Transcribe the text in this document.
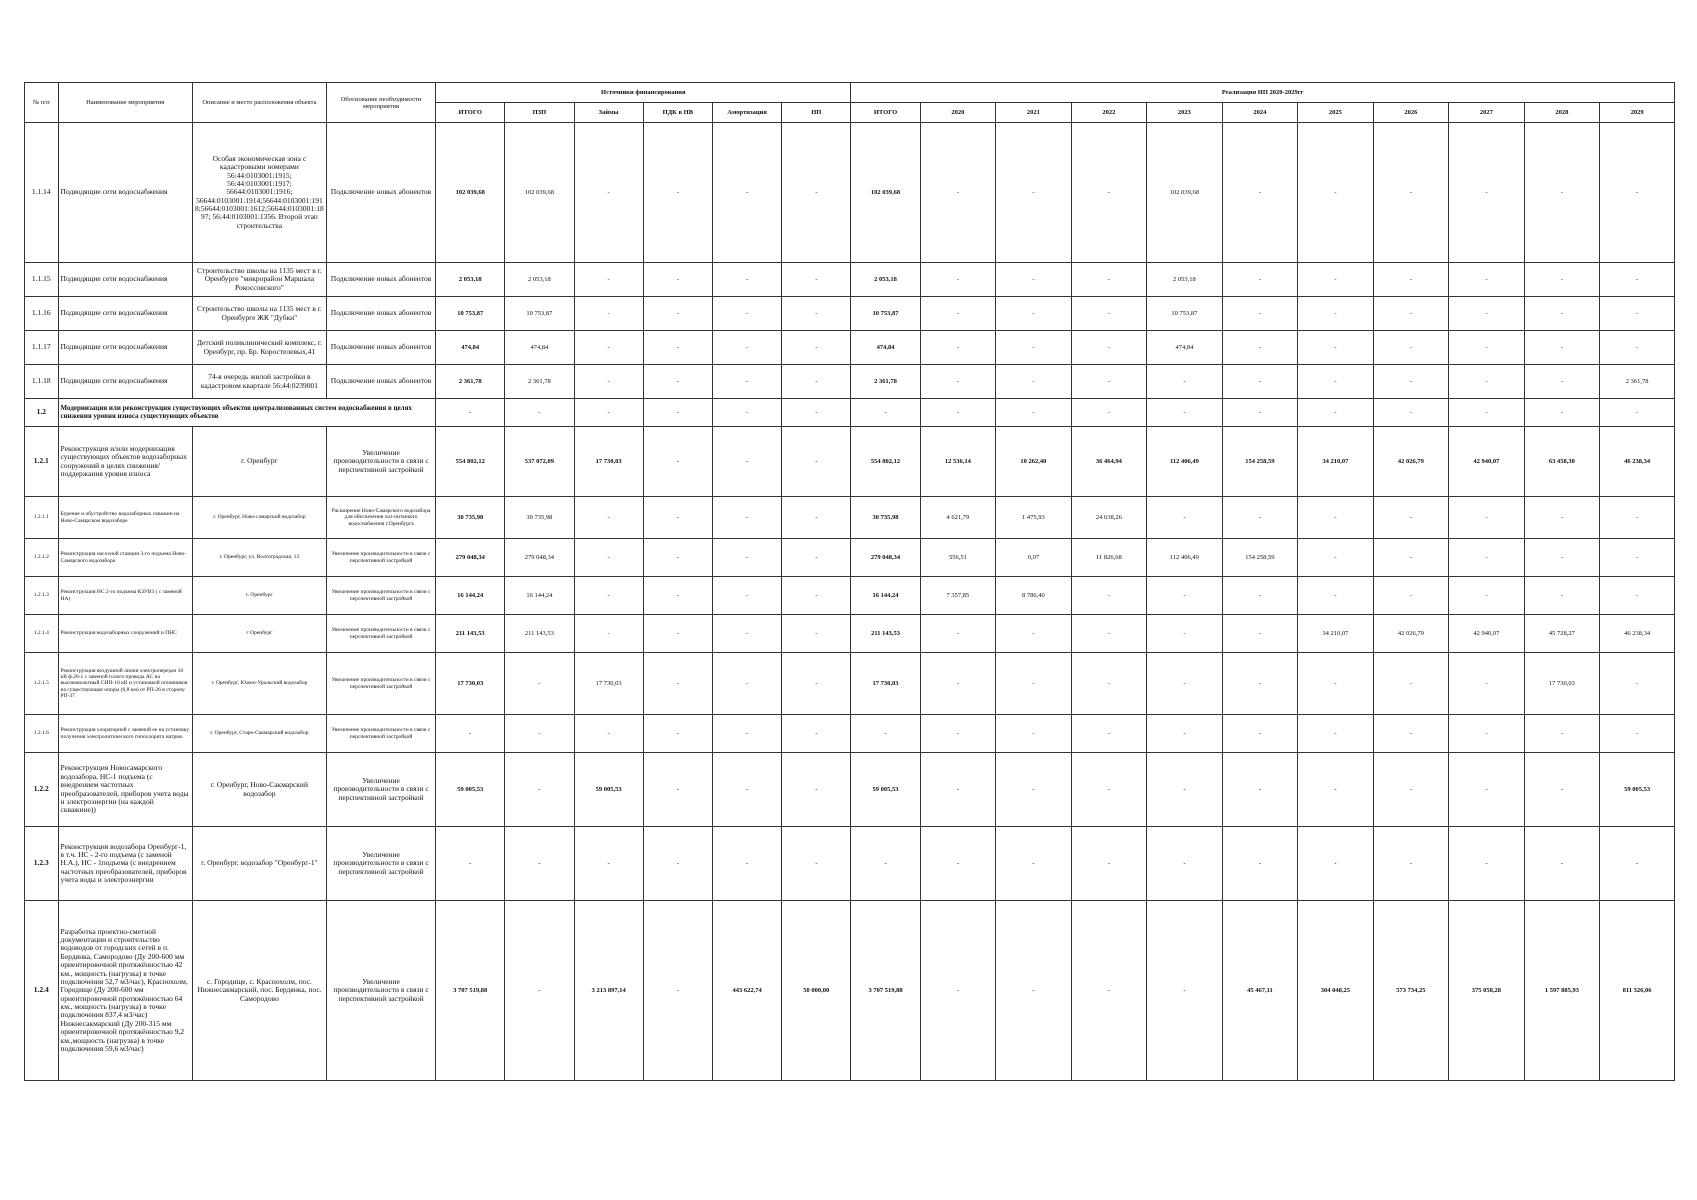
№ п/п	Наименование мероприятия	Описание и место расположения объекта	Обоснование необходимости мероприятия	Источники финансирования						Реализация ИП 2020-2029гг										
				ИТОГО	ПЗП	Займы	ПДК в НВ	Амортизация	НП	ИТОГО	2020	2021	2022	2023	2024	2025	2026	2027	2028	2029
1.1.14	Подводящие сети водоснабжения	Особая экономическая зона с кадастровыми номерами 56:44:0103001:1915; 56:44:0103001:1917; 56644:0103001:1916; 56644:0103001:1914;56644:0103001:1918;56644:0103001:1612;56644:0103001:1897; 56:44:0103001:1356. Второй этап строительства	Подключение новых абонентов	102 039,68	102 039,68	-	-	-	-	102 039,68	-	-	-	102 039,68	-	-	-	-	-	-
1.1.15	Подводящие сети водоснабжения	Строительство школы на 1135 мест в г. Оренбурге "микрорайон Маршала Рокоссовского"	Подключение новых абонентов	2 053,18	2 053,18	-	-	-	-	2 053,18	-	-	-	2 053,18	-	-	-	-	-	-
1.1.16	Подводящие сети водоснабжения	Строительство школы на 1135 мест в г. Оренбурге ЖК "Дубки"	Подключение новых абонентов	10 753,87	10 753,87	-	-	-	-	10 753,87	-	-	-	10 753,87	-	-	-	-	-	-
1.1.17	Подводящие сети водоснабжения	Детский поликлинический комплекс, г. Оренбург, пр. Бр. Коростелевых,41	Подключение новых абонентов	474,84	474,84	-	-	-	-	474,84	-	-	-	474,84	-	-	-	-	-	-
1.1.18	Подводящие сети водоснабжения	74-я очередь жилой застройки в кадастровом квартале 56:44:0239001	Подключение новых абонентов	2 361,78	2 361,78	-	-	-	-	2 361,78	-	-	-	-	-	-	-	-	-	2 361,78
1.2	Модернизация или реконструкция существующих объектов централизованных систем водоснабжения в целях снижения уровня износа существующих объектов			-	-	-	-	-	-	-	-	-	-	-	-	-	-	-	-	-
1.2.1	Реконструкция и/или модернизация существующих объектов водозаборных сооружений в целях снижения/поддержания уровня износа	г. Оренбург	Увеличение производительности в связи с перспективной застройкой	554 802,12	537 072,09	17 730,03	-	-	-	554 802,12	12 536,14	10 262,40	36 464,94	112 406,49	154 258,59	34 210,07	42 026,79	42 940,07	63 458,30	46 238,34
1.2.1.1	Бурение и обустройство водозаборных скважин на Ново-Самарском водозаборе	г. Оренбург, Ново-самарский водозабор	Расширение Ново-Самарского водозабора для обеспечения хоз-питьевого водоснабжения г.Оренбурга	30 735,98	30 735,98	-	-	-	-	30 735,98	4 621,79	1 475,93	24 638,26	-	-	-	-	-	-	-
1.2.1.2	Реконструкция насосной станции 3-го подъема Ново-Самарского водозабора	г. Оренбург, ул. Волгоградская, 13	Увеличение производительности в связи с перспективной застройкой	279 048,34	279 048,34	-	-	-	-	279 048,34	556,51	0,07	11 826,68	112 406,49	154 258,59	-	-	-	-	-
1.2.1.3	Реконструкция НС 2-го подъема КЗУВ3 ( с заменой НА)	г. Оренбург	Увеличение производительности в связи с перспективной застройкой	16 144,24	16 144,24	-	-	-	-	16 144,24	7 357,85	8 786,40	-	-	-	-	-	-	-	-
1.2.1.4	Реконструкция водозаборных сооружений и ПНС	г Оренбург	Увеличение производительности в связи с перспективной застройкой	211 143,53	211 143,53	-	-	-	-	211 143,53	-	-	-	-	-	34 210,07	42 026,79	42 940,07	45 728,27	46 238,34
1.2.1.5	Реконструкция воздушной линии электропередач 10 кВ ф.26-1 с заменой голого провода АС на высоковольтный СИП-10 кВ и установкой огловников на существующие опоры (6,8 км) от РП-26 в сторону РП-37	г. Оренбург, Южно-Уральский водозабор	Увеличение производительности в связи с перспективной застройкой	17 730,03	-	17 730,03	-	-	-	17 730,03	-	-	-	-	-	-	-	-	17 730,03	-
1.2.1.6	Реконструкция хлораторной с заменой ее на установку получения электролитического гипохлорита натрия.	г. Оренбург, Старо-Сакмарский водозабор	Увеличение производительности в связи с перспективной застройкой	-	-	-	-	-	-	-	-	-	-	-	-	-	-	-	-	-
1.2.2	Реконструкция Новосамарского водозабора, НС-1 подъема (с внедрением частотных преобразователей, приборов учета воды и электроэнергии (на каждой скважине))	г. Оренбург, Ново-Сакмарский водозабор	Увеличение производительности в связи с перспективной застройкой	59 005,53	-	59 005,53	-	-	-	59 005,53	-	-	-	-	-	-	-	-	-	59 005,53
1.2.3	Реконструкция водозабора Оренбург-1, в т.ч. НС - 2-го подъема (с заменой Н.А.), НС - 1подъема (с внедрением частотных преобразователей, приборов учета воды и электроэнергии	г. Оренбург, водозабор "Оренбург-1"	Увеличение производительности в связи с перспективной застройкой	-	-	-	-	-	-	-	-	-	-	-	-	-	-	-	-	-
1.2.4	Разработка проектно-сметной документации и строительство водоводов от городских сетей в п. Бердянка, Самородово (Ду 200-600 мм ориентировочной протяжённостью 42 км., мощность (нагрузка) в точке подключения 52,7 м3/час), Краснохолм, Городище (Ду 200-600 мм ориентировочной протяжённостью 64 км., мощность (нагрузка) в точке подключения 837,4 м3/час) Нижнесакмарский (Ду 200-315 мм ориентировочной протяжённостью 9,2 км.,мощность (нагрузка) в точке подключения 59,6 м3/час)	с. Городище, с. Краснохолм, пос. Нижнесакмарский, пос. Бердянка, пос. Самородово	Увеличение производительности в связи с перспективной застройкой	3 707 519,88	-	3 213 897,14	-	443 622,74	50 000,00	3 707 519,88	-	-	-	-	45 467,11	304 048,25	573 734,25	375 058,28	1 597 885,93	811 326,06
